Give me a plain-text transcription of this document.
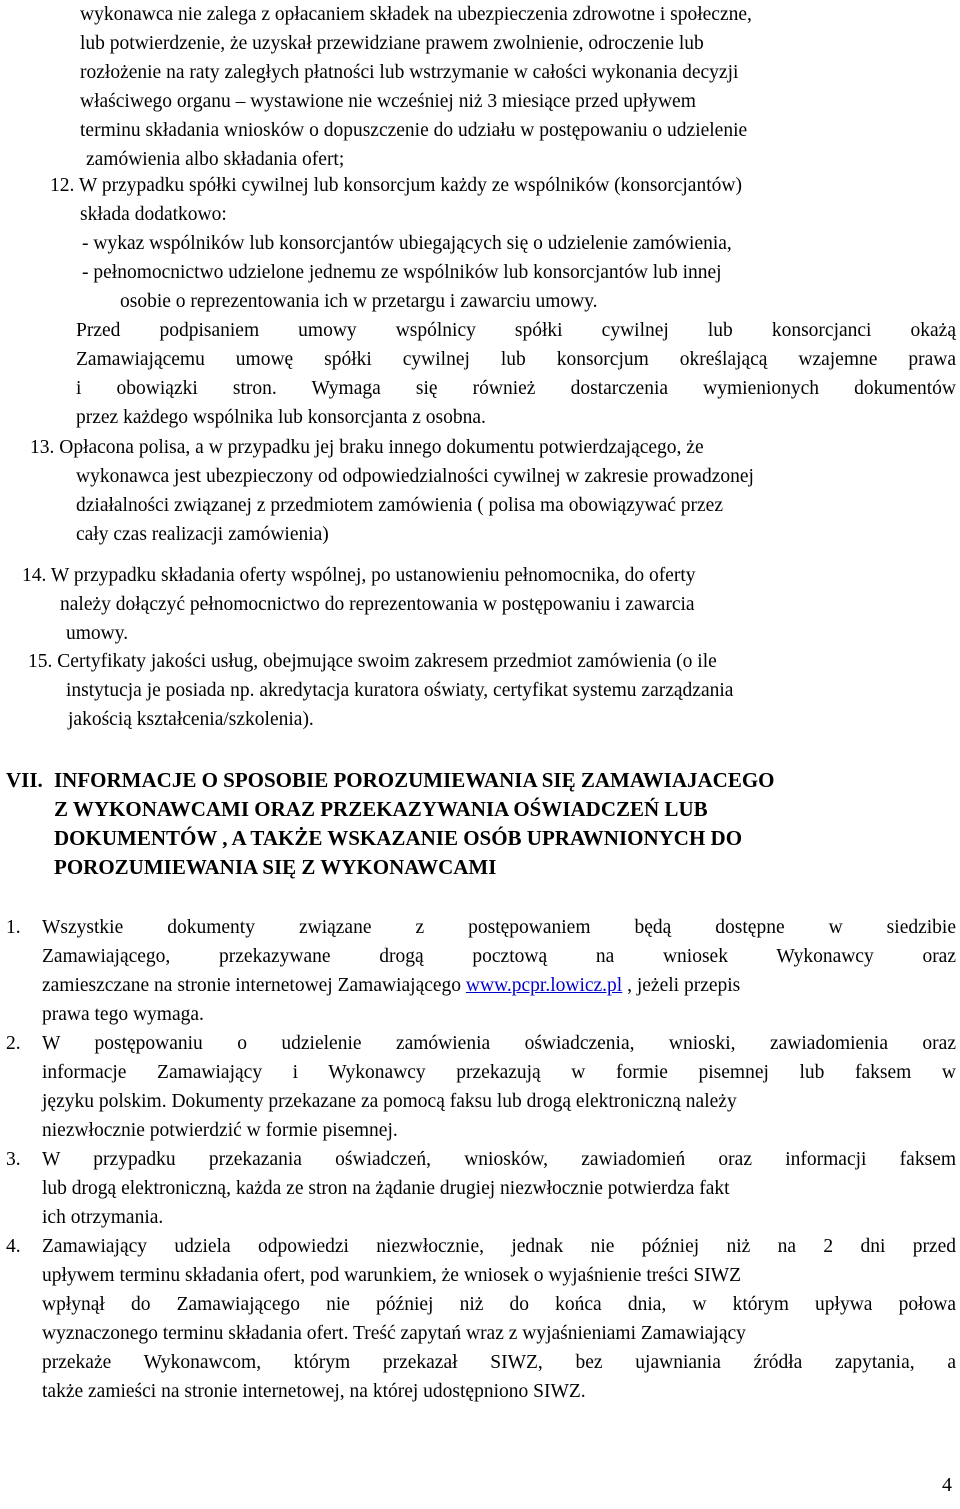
wykonawca nie zalega z opłacaniem składek na ubezpieczenia zdrowotne i społeczne,
lub potwierdzenie, że uzyskał przewidziane prawem zwolnienie, odroczenie lub
rozłożenie na raty zaległych płatności lub wstrzymanie w całości wykonania decyzji
właściwego organu – wystawione nie wcześniej niż 3 miesiące przed upływem
terminu składania wniosków o dopuszczenie do udziału w postępowaniu o udzielenie
zamówienia albo składania ofert;
12. W przypadku spółki cywilnej lub konsorcjum każdy ze wspólników (konsorcjantów)
składa dodatkowo:
- wykaz wspólników lub konsorcjantów ubiegających się o udzielenie zamówienia,
- pełnomocnictwo udzielone jednemu ze wspólników lub konsorcjantów lub innej
osobie o reprezentowania ich w przetargu i zawarciu umowy.
Przed podpisaniem umowy wspólnicy spółki cywilnej lub konsorcjanci okażą
Zamawiającemu umowę spółki cywilnej lub konsorcjum określającą wzajemne prawa
i obowiązki stron. Wymaga się również dostarczenia wymienionych dokumentów
przez każdego wspólnika lub konsorcjanta z osobna.
13. Opłacona polisa, a w przypadku jej braku innego dokumentu potwierdzającego, że
wykonawca jest ubezpieczony od odpowiedzialności cywilnej w zakresie prowadzonej
działalności związanej z przedmiotem zamówienia ( polisa ma obowiązywać przez
cały czas realizacji zamówienia)
14. W przypadku składania oferty wspólnej, po ustanowieniu pełnomocnika, do oferty
należy dołączyć pełnomocnictwo do reprezentowania w postępowaniu i zawarcia
umowy.
15. Certyfikaty jakości usług, obejmujące swoim zakresem przedmiot zamówienia (o ile
instytucja je posiada np. akredytacja kuratora oświaty, certyfikat systemu zarządzania
jakością kształcenia/szkolenia).
VII. INFORMACJE O SPOSOBIE POROZUMIEWANIA SIĘ ZAMAWIAJACEGO
Z WYKONAWCAMI ORAZ PRZEKAZYWANIA OŚWIADCZEŃ LUB
DOKUMENTÓW , A TAKŻE WSKAZANIE OSÓB UPRAWNIONYCH DO
POROZUMIEWANIA SIĘ Z WYKONAWCAMI
1. Wszystkie dokumenty związane z postępowaniem będą dostępne w siedzibie
Zamawiającego, przekazywane drogą pocztową na wniosek Wykonawcy oraz
zamieszczane na stronie internetowej Zamawiającego www.pcpr.lowicz.pl , jeżeli przepis
prawa tego wymaga.
2. W postępowaniu o udzielenie zamówienia oświadczenia, wnioski, zawiadomienia oraz
informacje Zamawiający i Wykonawcy przekazują w formie pisemnej lub faksem w
języku polskim. Dokumenty przekazane za pomocą faksu lub drogą elektroniczną należy
niezwłocznie potwierdzić w formie pisemnej.
3. W przypadku przekazania oświadczeń, wniosków, zawiadomień oraz informacji faksem
lub drogą elektroniczną, każda ze stron na żądanie drugiej niezwłocznie potwierdza fakt
ich otrzymania.
4. Zamawiający udziela odpowiedzi niezwłocznie, jednak nie później niż na 2 dni przed
upływem terminu składania ofert, pod warunkiem, że wniosek o wyjaśnienie treści SIWZ
wpłynął do Zamawiającego nie później niż do końca dnia, w którym upływa połowa
wyznaczonego terminu składania ofert. Treść zapytań wraz z wyjaśnieniami Zamawiający
przekaże Wykonawcom, którym przekazał SIWZ, bez ujawniania źródła zapytania, a
także zamieści na stronie internetowej, na której udostępniono SIWZ.
4
